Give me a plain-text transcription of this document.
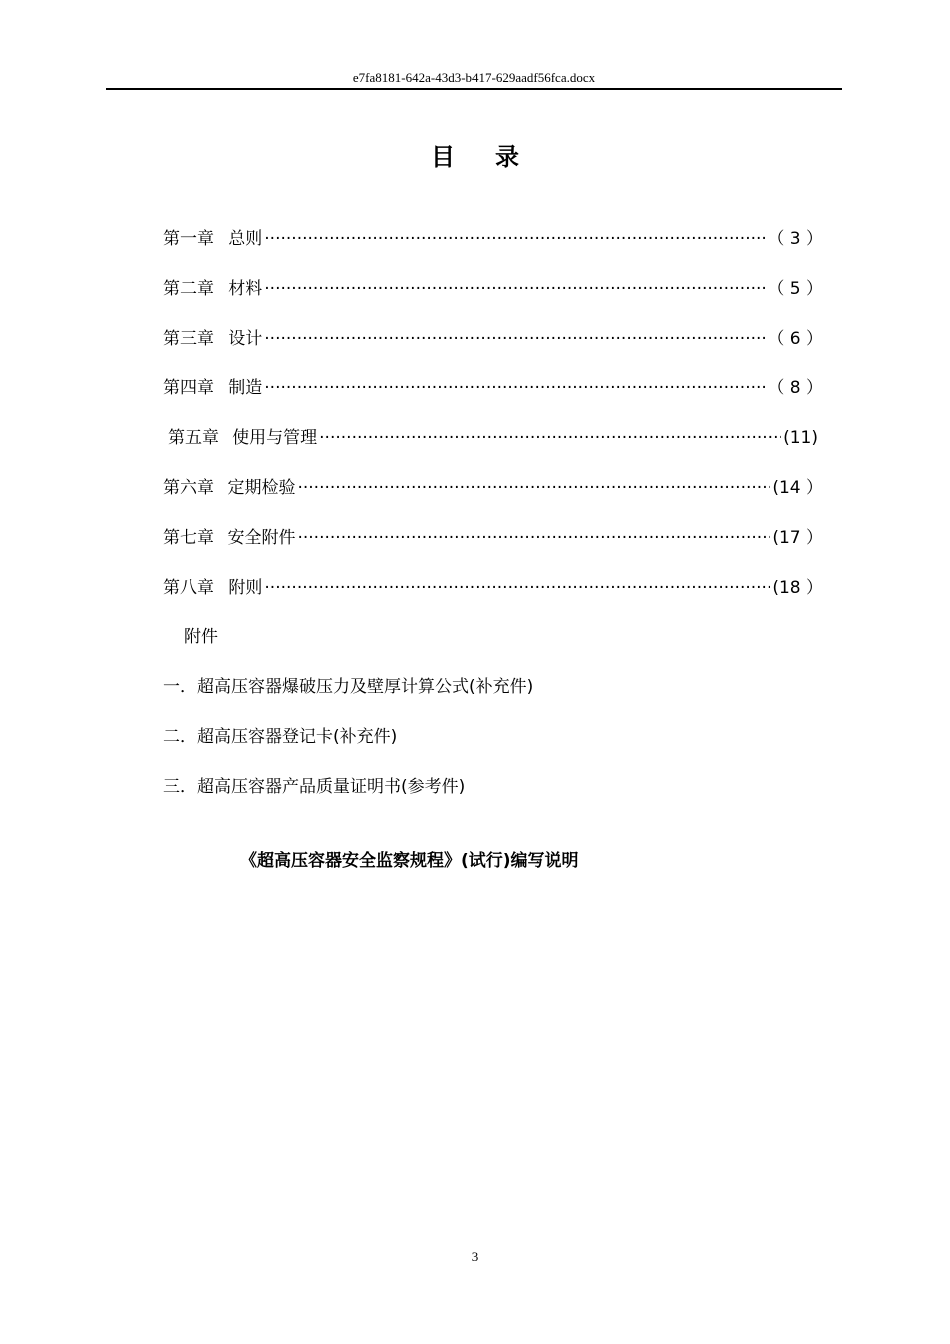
e7fa8181-642a-43d3-b417-629aadf56fca.docx
目 录
第一章 总则 ·····	（ 3 ）
第二章 材料 ·····	（ 5 ）
第三章 设计 ·····	（ 6 ）
第四章 制造 ·····	（ 8 ）
第五章 使用与管理 ·····	(11)
第六章 定期检验 ·····	(14 ）
第七章 安全附件 ·····	(17 ）
第八章 附则 ·····	(18 ）
附件
一．超高压容器爆破压力及壁厚计算公式(补充件)
二．超高压容器登记卡(补充件)
三．超高压容器产品质量证明书(参考件)
《超高压容器安全监察规程》(试行)编写说明
3
